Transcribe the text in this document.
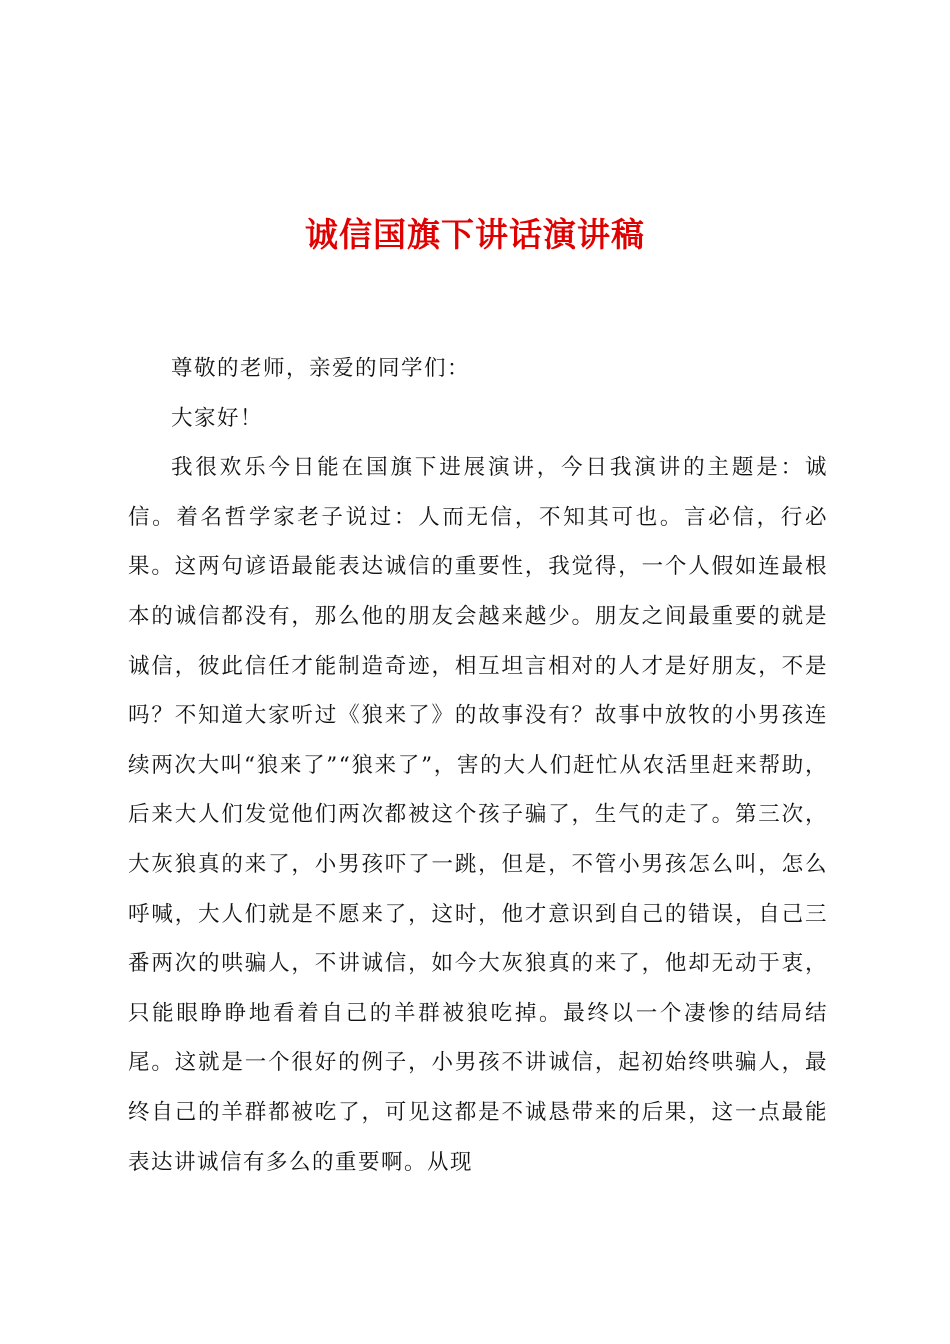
诚信国旗下讲话演讲稿

尊敬的老师，亲爱的同学们：

大家好！

我很欢乐今日能在国旗下进展演讲，今日我演讲的主题是：诚信。着名哲学家老子说过：人而无信，不知其可也。言必信，行必果。这两句谚语最能表达诚信的重要性，我觉得，一个人假如连最根本的诚信都没有，那么他的朋友会越来越少。朋友之间最重要的就是诚信，彼此信任才能制造奇迹，相互坦言相对的人才是好朋友，不是吗？不知道大家听过《狼来了》的故事没有？故事中放牧的小男孩连续两次大叫“狼来了”“狼来了”，害的大人们赶忙从农活里赶来帮助，后来大人们发觉他们两次都被这个孩子骗了，生气的走了。第三次，大灰狼真的来了，小男孩吓了一跳，但是，不管小男孩怎么叫，怎么呼喊，大人们就是不愿来了，这时，他才意识到自己的错误，自己三番两次的哄骗人，不讲诚信，如今大灰狼真的来了，他却无动于衷，只能眼睁睁地看着自己的羊群被狼吃掉。最终以一个凄惨的结局结尾。这就是一个很好的例子，小男孩不讲诚信，起初始终哄骗人，最终自己的羊群都被吃了，可见这都是不诚恳带来的后果，这一点最能表达讲诚信有多么的重要啊。从现
